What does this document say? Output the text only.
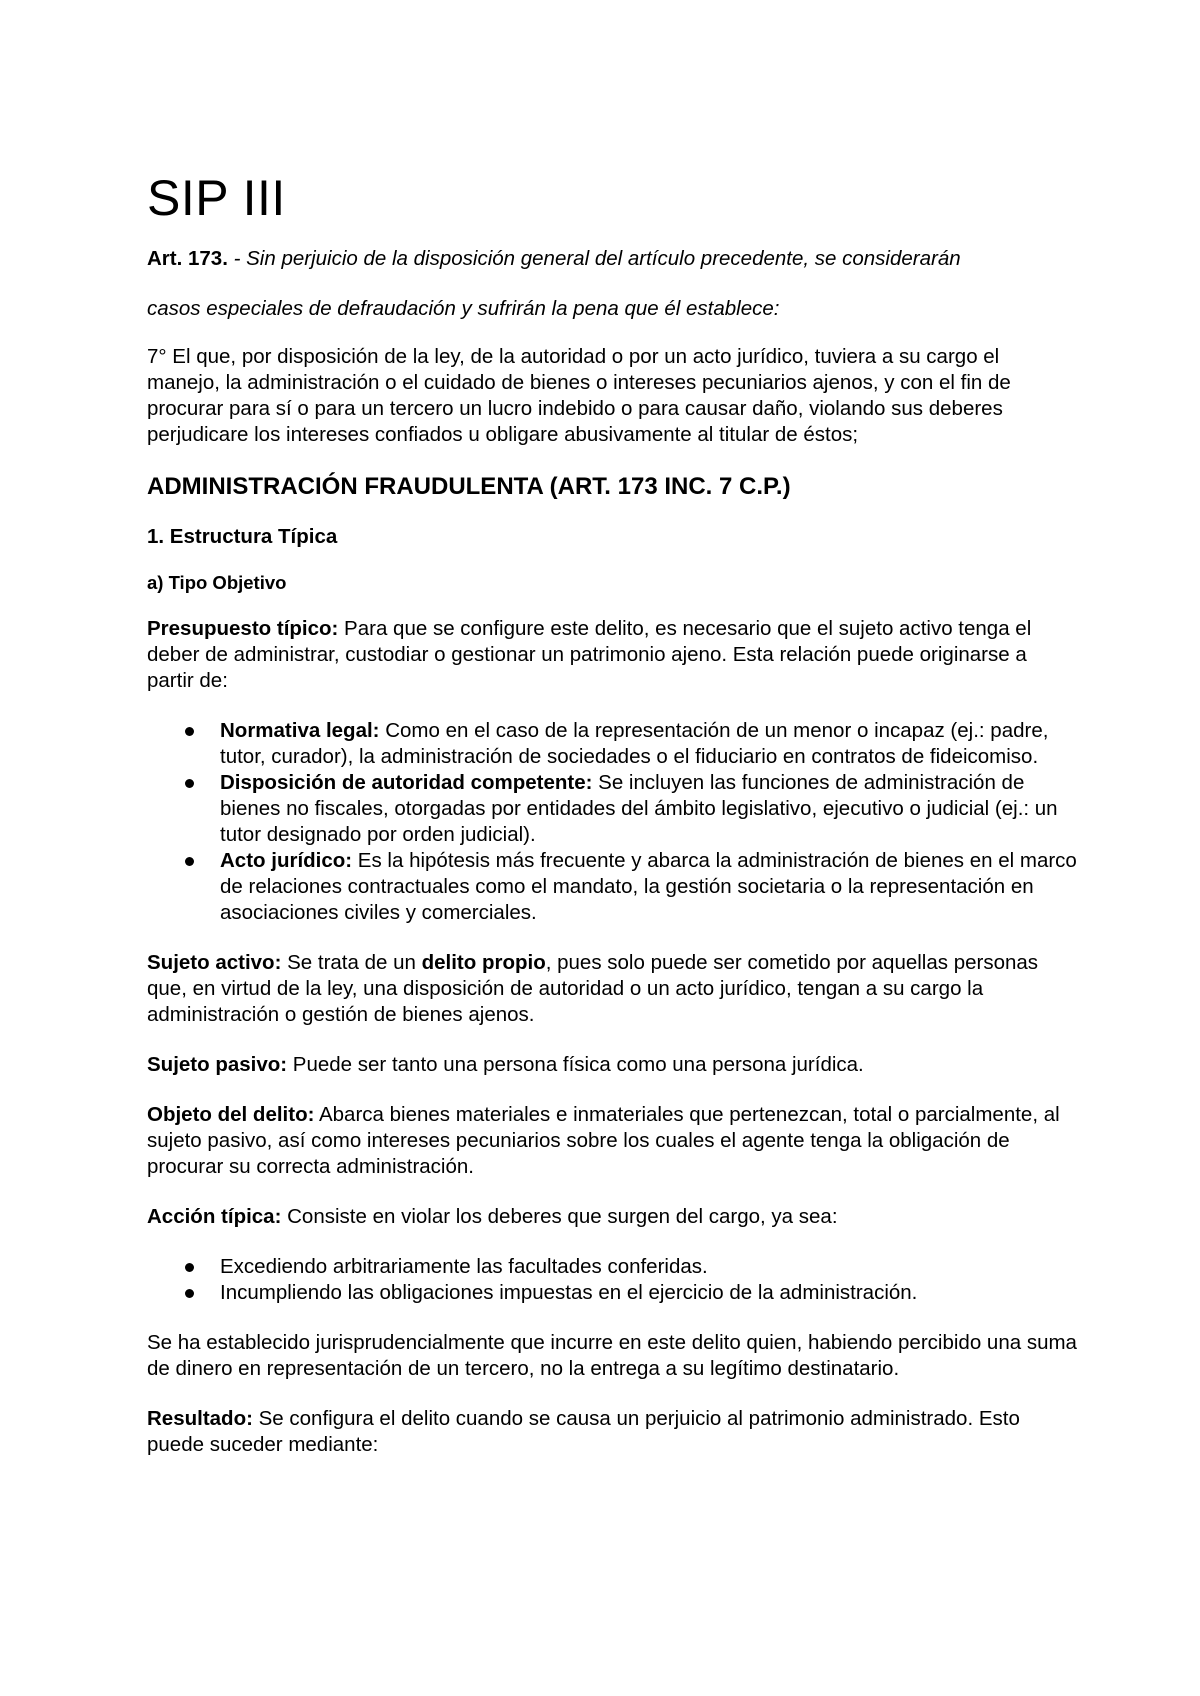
SIP III

Art. 173. - Sin perjuicio de la disposición general del artículo precedente, se considerarán

casos especiales de defraudación y sufrirán la pena que él establece:

7° El que, por disposición de la ley, de la autoridad o por un acto jurídico, tuviera a su cargo el manejo, la administración o el cuidado de bienes o intereses pecuniarios ajenos, y con el fin de procurar para sí o para un tercero un lucro indebido o para causar daño, violando sus deberes perjudicare los intereses confiados u obligare abusivamente al titular de éstos;

ADMINISTRACIÓN FRAUDULENTA (ART. 173 INC. 7 C.P.)
1. Estructura Típica
a) Tipo Objetivo

Presupuesto típico: Para que se configure este delito, es necesario que el sujeto activo tenga el deber de administrar, custodiar o gestionar un patrimonio ajeno. Esta relación puede originarse a partir de:

Normativa legal: Como en el caso de la representación de un menor o incapaz (ej.: padre, tutor, curador), la administración de sociedades o el fiduciario en contratos de fideicomiso.
Disposición de autoridad competente: Se incluyen las funciones de administración de bienes no fiscales, otorgadas por entidades del ámbito legislativo, ejecutivo o judicial (ej.: un tutor designado por orden judicial).
Acto jurídico: Es la hipótesis más frecuente y abarca la administración de bienes en el marco de relaciones contractuales como el mandato, la gestión societaria o la representación en asociaciones civiles y comerciales.

Sujeto activo: Se trata de un delito propio, pues solo puede ser cometido por aquellas personas que, en virtud de la ley, una disposición de autoridad o un acto jurídico, tengan a su cargo la administración o gestión de bienes ajenos.

Sujeto pasivo: Puede ser tanto una persona física como una persona jurídica.

Objeto del delito: Abarca bienes materiales e inmateriales que pertenezcan, total o parcialmente, al sujeto pasivo, así como intereses pecuniarios sobre los cuales el agente tenga la obligación de procurar su correcta administración.

Acción típica: Consiste en violar los deberes que surgen del cargo, ya sea:

Excediendo arbitrariamente las facultades conferidas.
Incumpliendo las obligaciones impuestas en el ejercicio de la administración.

Se ha establecido jurisprudencialmente que incurre en este delito quien, habiendo percibido una suma de dinero en representación de un tercero, no la entrega a su legítimo destinatario.

Resultado: Se configura el delito cuando se causa un perjuicio al patrimonio administrado. Esto puede suceder mediante:
